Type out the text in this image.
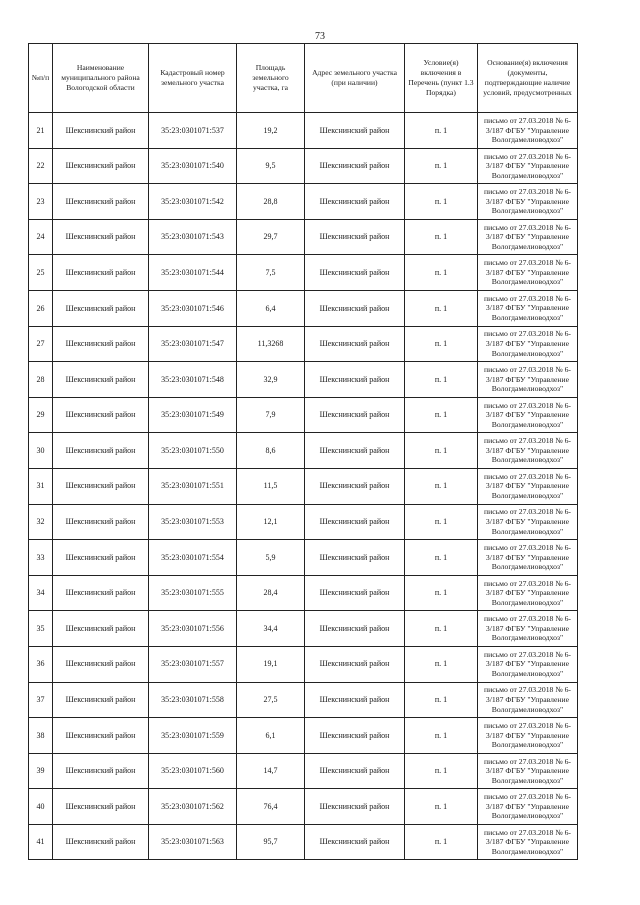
73
№п/п	Наименование муниципального района Вологодской области	Кадастровый номер земельного участка	Площадь земельного участка, га	Адрес земельного участка (при наличии)	Условие(я) включения в Перечень (пункт 1.3 Порядка)	Основание(я) включения (документы, подтверждающие наличие условий, предусмотренных
21	Шекснинский район	35:23:0301071:537	19,2	Шекснинский район	п. 1	письмо от 27.03.2018 № 6-3/187 ФГБУ "Управление Вологдамелиоводхоз"
22	Шекснинский район	35:23:0301071:540	9,5	Шекснинский район	п. 1	письмо от 27.03.2018 № 6-3/187 ФГБУ "Управление Вологдамелиоводхоз"
23	Шекснинский район	35:23:0301071:542	28,8	Шекснинский район	п. 1	письмо от 27.03.2018 № 6-3/187 ФГБУ "Управление Вологдамелиоводхоз"
24	Шекснинский район	35:23:0301071:543	29,7	Шекснинский район	п. 1	письмо от 27.03.2018 № 6-3/187 ФГБУ "Управление Вологдамелиоводхоз"
25	Шекснинский район	35:23:0301071:544	7,5	Шекснинский район	п. 1	письмо от 27.03.2018 № 6-3/187 ФГБУ "Управление Вологдамелиоводхоз"
26	Шекснинский район	35:23:0301071:546	6,4	Шекснинский район	п. 1	письмо от 27.03.2018 № 6-3/187 ФГБУ "Управление Вологдамелиоводхоз"
27	Шекснинский район	35:23:0301071:547	11,3268	Шекснинский район	п. 1	письмо от 27.03.2018 № 6-3/187 ФГБУ "Управление Вологдамелиоводхоз"
28	Шекснинский район	35:23:0301071:548	32,9	Шекснинский район	п. 1	письмо от 27.03.2018 № 6-3/187 ФГБУ "Управление Вологдамелиоводхоз"
29	Шекснинский район	35:23:0301071:549	7,9	Шекснинский район	п. 1	письмо от 27.03.2018 № 6-3/187 ФГБУ "Управление Вологдамелиоводхоз"
30	Шекснинский район	35:23:0301071:550	8,6	Шекснинский район	п. 1	письмо от 27.03.2018 № 6-3/187 ФГБУ "Управление Вологдамелиоводхоз"
31	Шекснинский район	35:23:0301071:551	11,5	Шекснинский район	п. 1	письмо от 27.03.2018 № 6-3/187 ФГБУ "Управление Вологдамелиоводхоз"
32	Шекснинский район	35:23:0301071:553	12,1	Шекснинский район	п. 1	письмо от 27.03.2018 № 6-3/187 ФГБУ "Управление Вологдамелиоводхоз"
33	Шекснинский район	35:23:0301071:554	5,9	Шекснинский район	п. 1	письмо от 27.03.2018 № 6-3/187 ФГБУ "Управление Вологдамелиоводхоз"
34	Шекснинский район	35:23:0301071:555	28,4	Шекснинский район	п. 1	письмо от 27.03.2018 № 6-3/187 ФГБУ "Управление Вологдамелиоводхоз"
35	Шекснинский район	35:23:0301071:556	34,4	Шекснинский район	п. 1	письмо от 27.03.2018 № 6-3/187 ФГБУ "Управление Вологдамелиоводхоз"
36	Шекснинский район	35:23:0301071:557	19,1	Шекснинский район	п. 1	письмо от 27.03.2018 № 6-3/187 ФГБУ "Управление Вологдамелиоводхоз"
37	Шекснинский район	35:23:0301071:558	27,5	Шекснинский район	п. 1	письмо от 27.03.2018 № 6-3/187 ФГБУ "Управление Вологдамелиоводхоз"
38	Шекснинский район	35:23:0301071:559	6,1	Шекснинский район	п. 1	письмо от 27.03.2018 № 6-3/187 ФГБУ "Управление Вологдамелиоводхоз"
39	Шекснинский район	35:23:0301071:560	14,7	Шекснинский район	п. 1	письмо от 27.03.2018 № 6-3/187 ФГБУ "Управление Вологдамелиоводхоз"
40	Шекснинский район	35:23:0301071:562	76,4	Шекснинский район	п. 1	письмо от 27.03.2018 № 6-3/187 ФГБУ "Управление Вологдамелиоводхоз"
41	Шекснинский район	35:23:0301071:563	95,7	Шекснинский район	п. 1	письмо от 27.03.2018 № 6-3/187 ФГБУ "Управление Вологдамелиоводхоз"
